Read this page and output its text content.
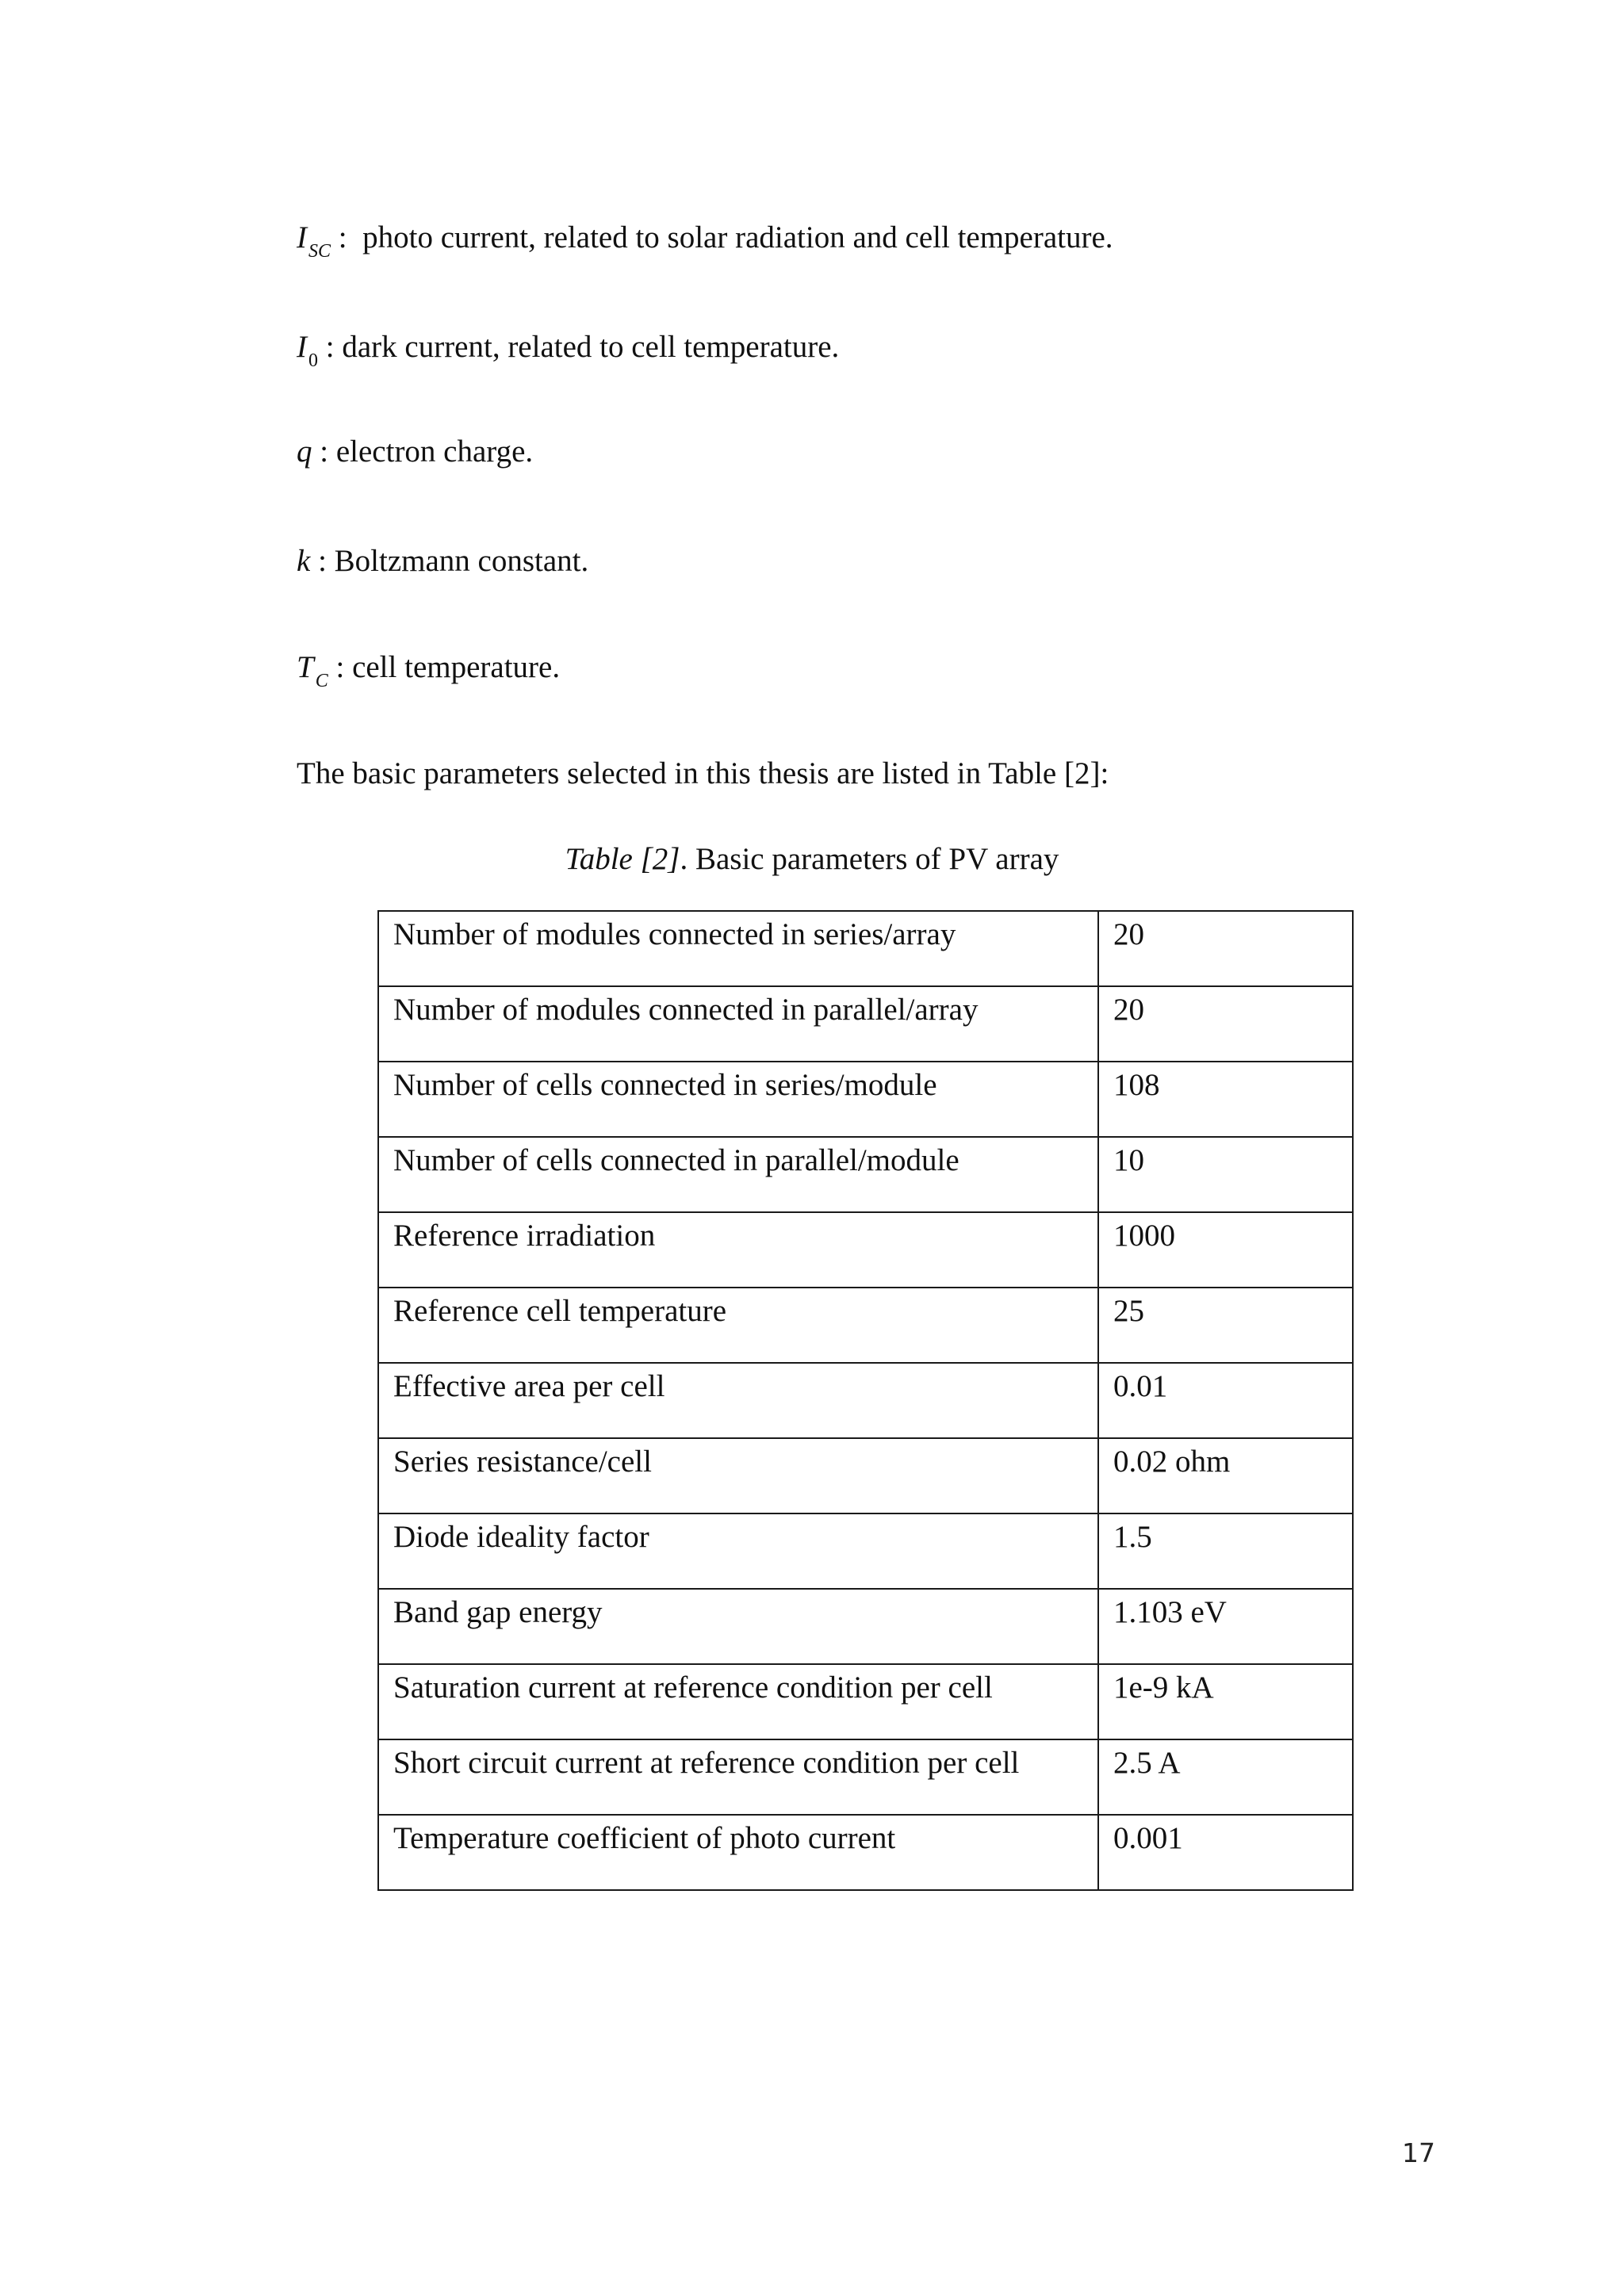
$I_{SC}$ :  photo current, related to solar radiation and cell temperature.
$I_0$ : dark current, related to cell temperature.
q : electron charge.
k : Boltzmann constant.
$T_C$ : cell temperature.
The basic parameters selected in this thesis are listed in Table [2]:
Table [2]. Basic parameters of PV array
Number of modules connected in series/array	20
Number of modules connected in parallel/array	20
Number of cells connected in series/module	108
Number of cells connected in parallel/module	10
Reference irradiation	1000
Reference cell temperature	25
Effective area per cell	0.01
Series resistance/cell	0.02 ohm
Diode ideality factor	1.5
Band gap energy	1.103 eV
Saturation current at reference condition per cell	1e-9 kA
Short circuit current at reference condition per cell	2.5 A
Temperature coefficient of photo current	0.001
17
